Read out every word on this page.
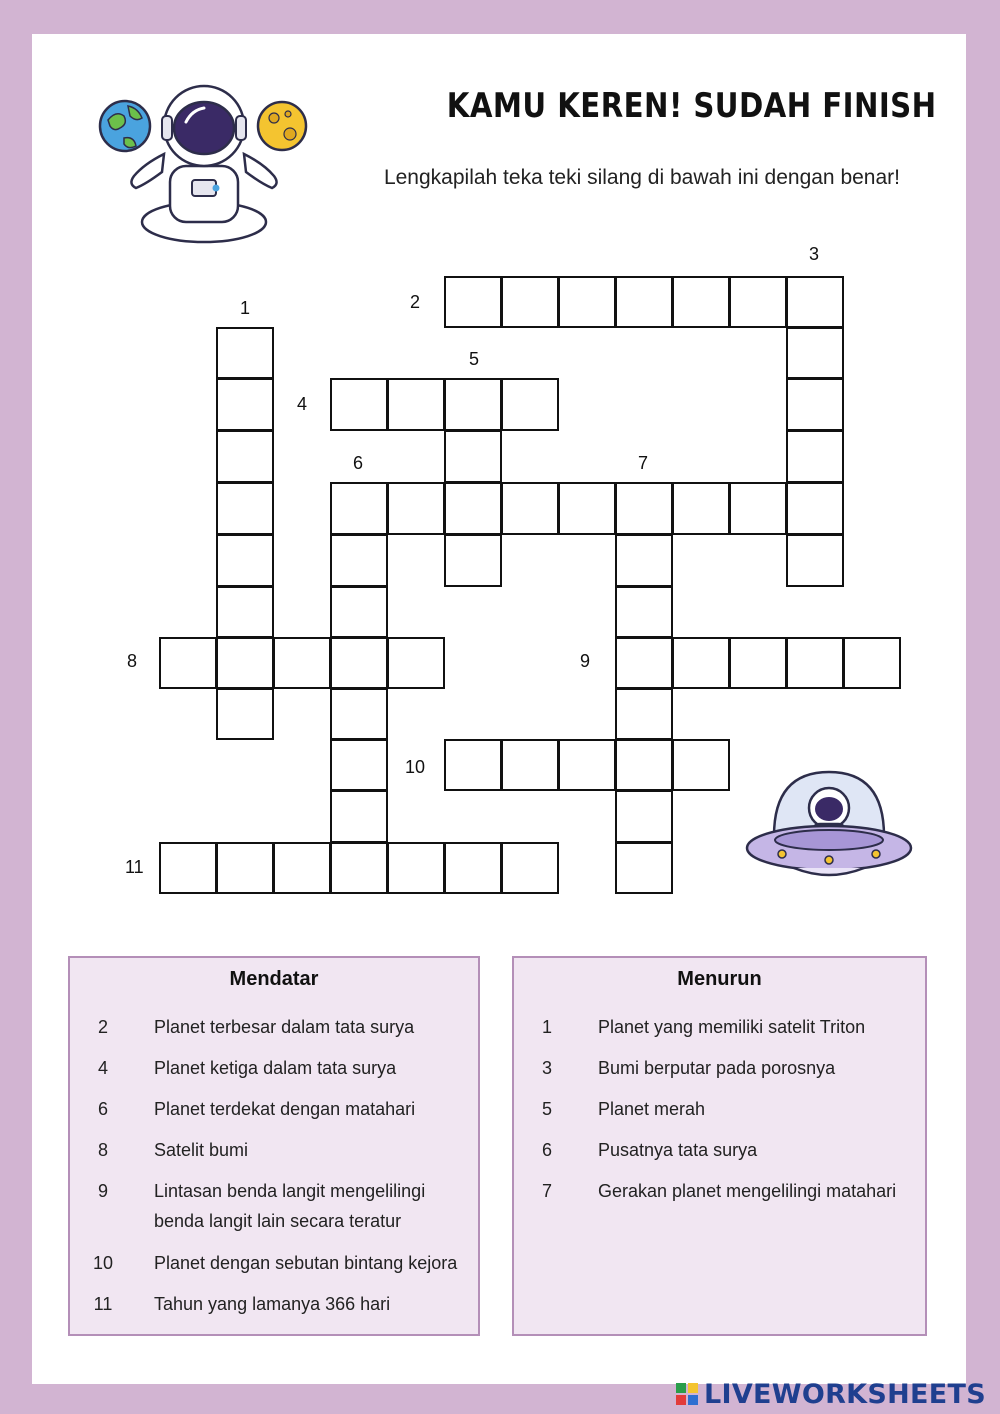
KAMU KEREN! SUDAH FINISH
Lengkapilah teka teki silang di bawah ini dengan benar!
1	2
3
4
5
6	7
8	9
10
11
Mendatar
2	Planet terbesar dalam tata surya
4	Planet ketiga dalam tata surya
6	Planet terdekat dengan matahari
8	Satelit bumi
9	Lintasan benda langit mengelilingi benda langit lain secara teratur
10 Planet dengan sebutan bintang kejora
11	Tahun yang lamanya 366 hari
Menurun
1	Planet yang memiliki satelit Triton
3	Bumi berputar pada porosnya
5	Planet merah
6	Pusatnya tata surya
7	Gerakan planet mengelilingi matahari
LIVEWORKSHEETS
